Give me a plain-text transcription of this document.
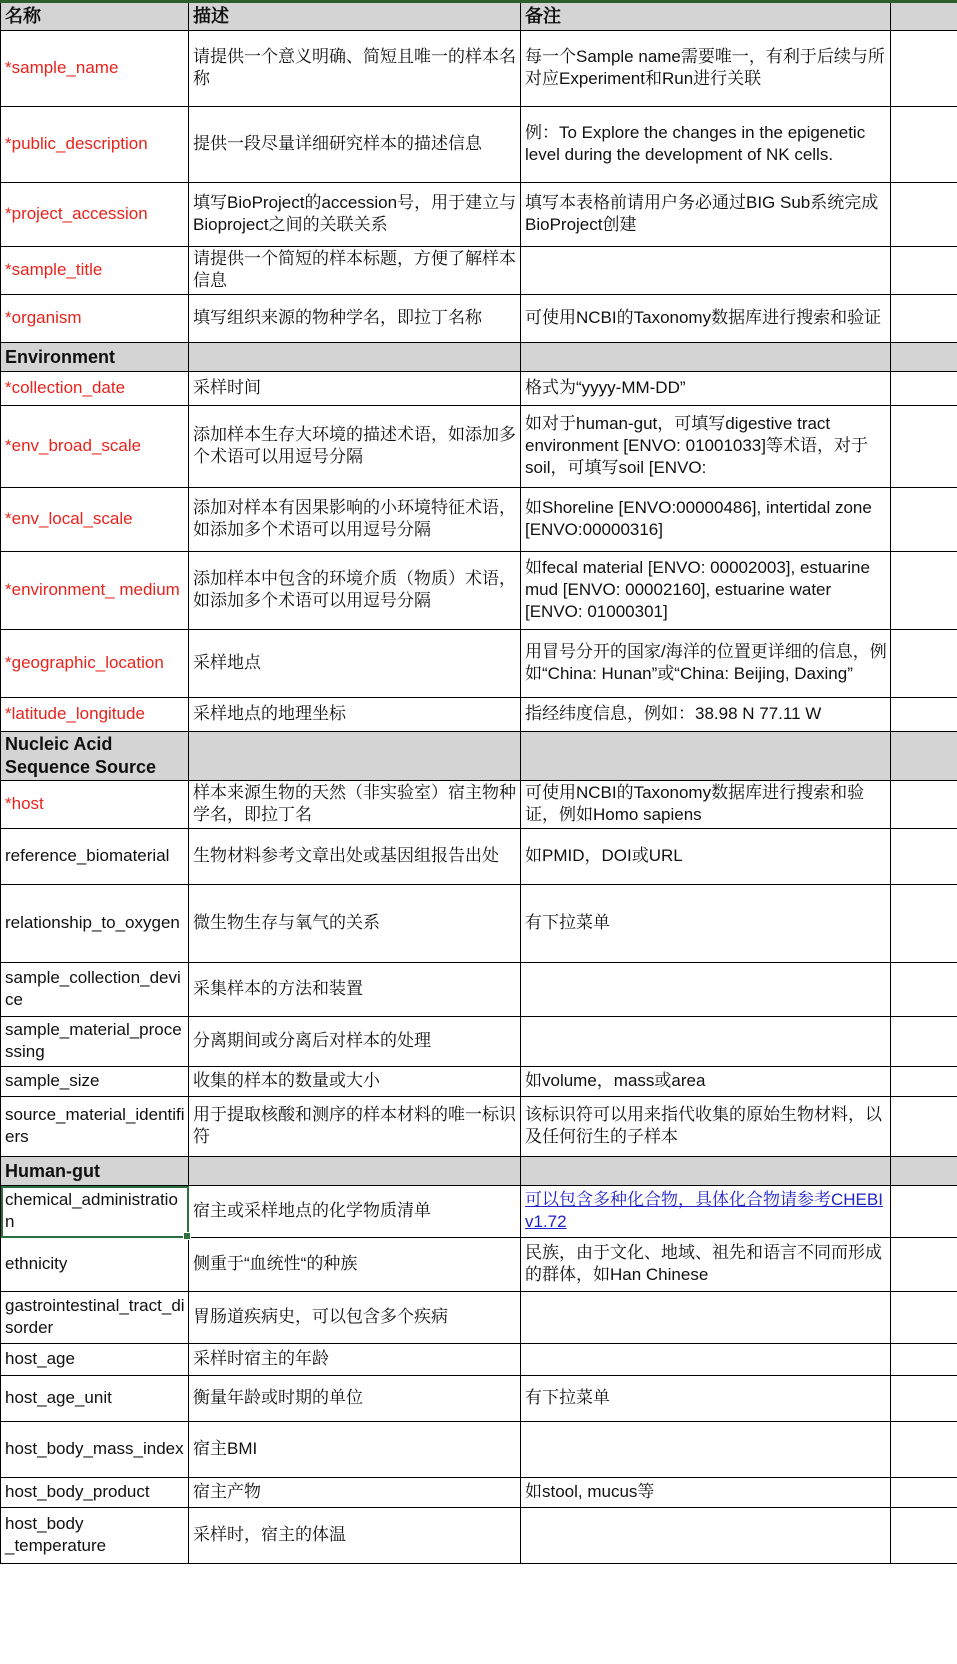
名称	描述	备注	
*sample_name	请提供一个意义明确、简短且唯一的样本名称	每一个Sample name需要唯一，有利于后续与所对应Experiment和Run进行关联	
*public_description	提供一段尽量详细研究样本的描述信息	例：To Explore the changes in the epigenetic level during the development of NK cells.	
*project_accession	填写BioProject的accession号，用于建立与Bioproject之间的关联关系	填写本表格前请用户务必通过BIG Sub系统完成BioProject创建	
*sample_title	请提供一个简短的样本标题，方便了解样本信息		
*organism	填写组织来源的物种学名，即拉丁名称	可使用NCBI的Taxonomy数据库进行搜索和验证	
Environment			
*collection_date	采样时间	格式为“yyyy-MM-DD”	
*env_broad_scale	添加样本生存大环境的描述术语，如添加多个术语可以用逗号分隔	如对于human-gut，可填写digestive tract environment [ENVO: 01001033]等术语，对于soil，可填写soil [ENVO:	
*env_local_scale	添加对样本有因果影响的小环境特征术语，如添加多个术语可以用逗号分隔	如Shoreline [ENVO:00000486], intertidal zone [ENVO:00000316]	
*environment_ medium	添加样本中包含的环境介质（物质）术语，如添加多个术语可以用逗号分隔	如fecal material [ENVO: 00002003], estuarine mud [ENVO: 00002160], estuarine water [ENVO: 01000301]	
*geographic_location	采样地点	用冒号分开的国家/海洋的位置更详细的信息，例如“China: Hunan”或“China: Beijing, Daxing”	
*latitude_longitude	采样地点的地理坐标	指经纬度信息，例如：38.98 N 77.11 W	
Nucleic Acid Sequence Source			
*host	样本来源生物的天然（非实验室）宿主物种学名，即拉丁名	可使用NCBI的Taxonomy数据库进行搜索和验证，例如Homo sapiens	
reference_biomaterial	生物材料参考文章出处或基因组报告出处	如PMID，DOI或URL	
relationship_to_oxygen	微生物生存与氧气的关系	有下拉菜单	
sample_collection_device	采集样本的方法和装置		
sample_material_processing	分离期间或分离后对样本的处理		
sample_size	收集的样本的数量或大小	如volume，mass或area	
source_material_identifiers	用于提取核酸和测序的样本材料的唯一标识符	该标识符可以用来指代收集的原始生物材料，以及任何衍生的子样本	
Human-gut			
chemical_administration	宿主或采样地点的化学物质清单	可以包含多种化合物，具体化合物请参考CHEBI v1.72	
ethnicity	侧重于“血统性“的种族	民族，由于文化、地域、祖先和语言不同而形成的群体，如Han Chinese	
gastrointestinal_tract_disorder	胃肠道疾病史，可以包含多个疾病		
host_age	采样时宿主的年龄		
host_age_unit	衡量年龄或时期的单位	有下拉菜单	
host_body_mass_index	宿主BMI		
host_body_product	宿主产物	如stool, mucus等	
host_body _temperature	采样时，宿主的体温		
